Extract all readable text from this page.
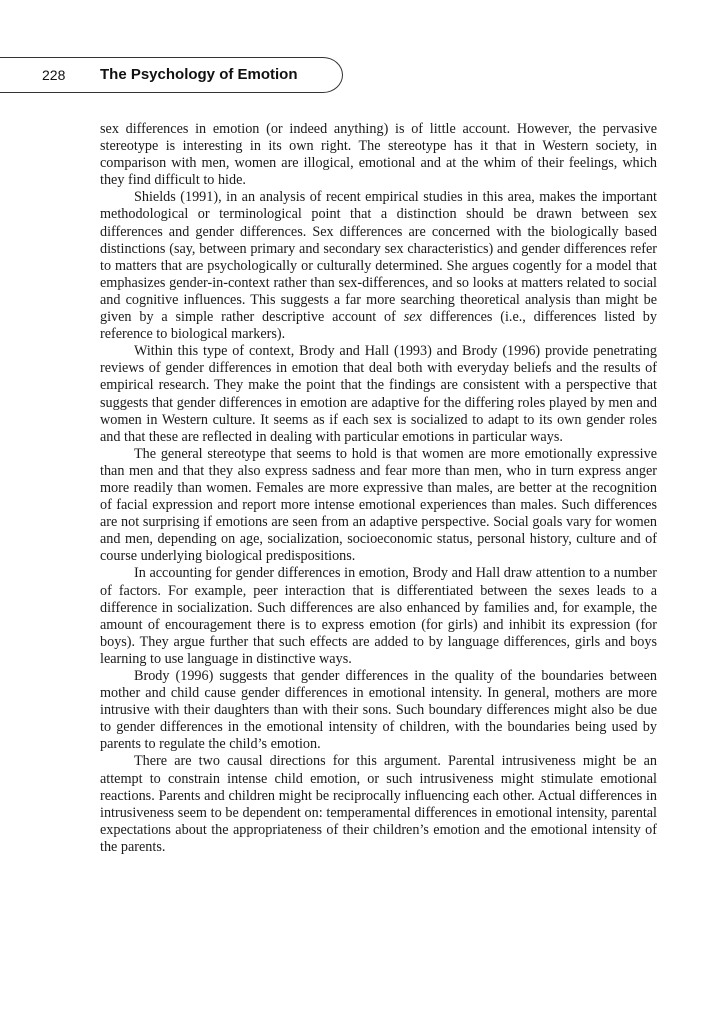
228 The Psychology of Emotion

sex differences in emotion (or indeed anything) is of little account. However, the pervasive stereotype is interesting in its own right. The stereotype has it that in Western society, in comparison with men, women are illogical, emotional and at the whim of their feelings, which they find difficult to hide.

Shields (1991), in an analysis of recent empirical studies in this area, makes the important methodological or terminological point that a distinction should be drawn between sex differences and gender differences. Sex differences are concerned with the biologically based distinctions (say, between primary and secondary sex characteristics) and gender differences refer to matters that are psychologically or culturally determined. She argues cogently for a model that emphasizes gender-in-context rather than sex-differences, and so looks at matters related to social and cognitive influences. This suggests a far more searching theoretical analysis than might be given by a simple rather descriptive account of sex differences (i.e., differences listed by reference to biological markers).

Within this type of context, Brody and Hall (1993) and Brody (1996) provide penetrating reviews of gender differences in emotion that deal both with everyday beliefs and the results of empirical research. They make the point that the findings are consistent with a perspective that suggests that gender differences in emotion are adaptive for the differing roles played by men and women in Western culture. It seems as if each sex is socialized to adapt to its own gender roles and that these are reflected in dealing with particular emotions in particular ways.

The general stereotype that seems to hold is that women are more emotionally expressive than men and that they also express sadness and fear more than men, who in turn express anger more readily than women. Females are more expressive than males, are better at the recognition of facial expression and report more intense emotional experiences than males. Such differences are not surprising if emotions are seen from an adaptive perspective. Social goals vary for women and men, depending on age, socialization, socioeconomic status, personal history, culture and of course underlying biological predispositions.

In accounting for gender differences in emotion, Brody and Hall draw attention to a number of factors. For example, peer interaction that is differentiated between the sexes leads to a difference in socialization. Such differences are also enhanced by families and, for example, the amount of encouragement there is to express emotion (for girls) and inhibit its expression (for boys). They argue further that such effects are added to by language differences, girls and boys learning to use language in distinctive ways.

Brody (1996) suggests that gender differences in the quality of the boundaries between mother and child cause gender differences in emotional intensity. In general, mothers are more intrusive with their daughters than with their sons. Such boundary differences might also be due to gender differences in the emotional intensity of children, with the boundaries being used by parents to regulate the child’s emotion.

There are two causal directions for this argument. Parental intrusiveness might be an attempt to constrain intense child emotion, or such intrusiveness might stimulate emotional reactions. Parents and children might be reciprocally influencing each other. Actual differences in intrusiveness seem to be dependent on: temperamental differences in emotional intensity, parental expectations about the appropriateness of their children’s emotion and the emotional intensity of the parents.
